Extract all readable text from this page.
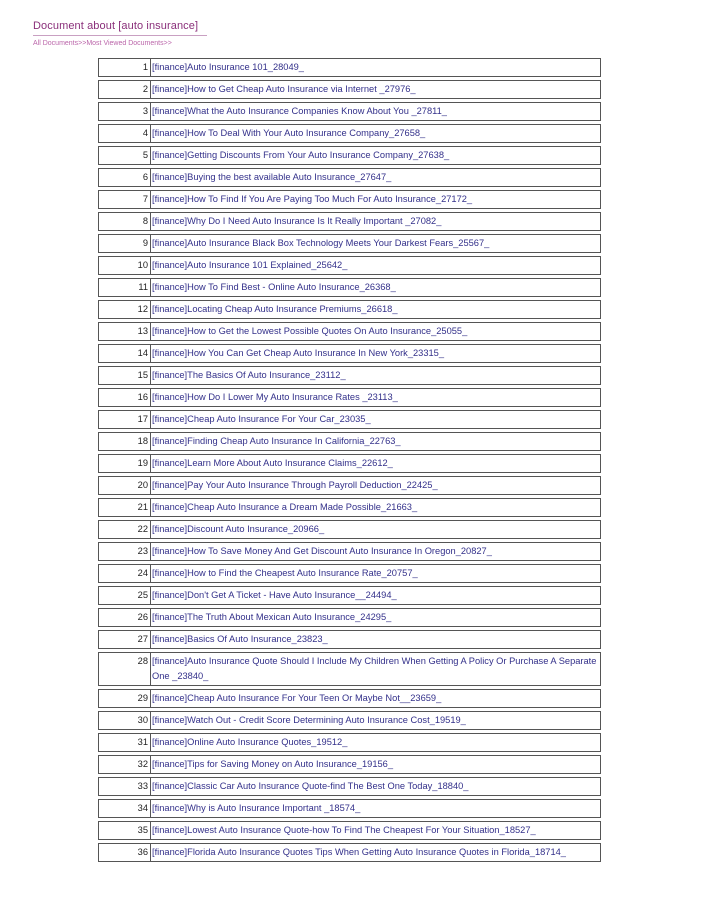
Document about [auto insurance]
All Documents>>Most Viewed Documents>>
1	[finance]Auto Insurance 101_28049_

2	[finance]How to Get Cheap Auto Insurance via Internet _27976_

3	[finance]What the Auto Insurance Companies Know About You _27811_

4	[finance]How To Deal With Your Auto Insurance Company_27658_

5	[finance]Getting Discounts From Your Auto Insurance Company_27638_

6	[finance]Buying the best available Auto Insurance_27647_

7	[finance]How To Find If You Are Paying Too Much For Auto Insurance_27172_

8	[finance]Why Do I Need Auto Insurance Is It Really Important _27082_

9	[finance]Auto Insurance Black Box Technology Meets Your Darkest Fears_25567_

10	[finance]Auto Insurance 101 Explained_25642_

11	[finance]How To Find Best - Online Auto Insurance_26368_

12	[finance]Locating Cheap Auto Insurance Premiums_26618_

13	[finance]How to Get the Lowest Possible Quotes On Auto Insurance_25055_

14	[finance]How You Can Get Cheap Auto Insurance In New York_23315_

15	[finance]The Basics Of Auto Insurance_23112_

16	[finance]How Do I Lower My Auto Insurance Rates _23113_

17	[finance]Cheap Auto Insurance For Your Car_23035_

18	[finance]Finding Cheap Auto Insurance In California_22763_

19	[finance]Learn More About Auto Insurance Claims_22612_

20	[finance]Pay Your Auto Insurance Through Payroll Deduction_22425_

21	[finance]Cheap Auto Insurance a Dream Made Possible_21663_

22	[finance]Discount Auto Insurance_20966_

23	[finance]How To Save Money And Get Discount Auto Insurance In Oregon_20827_

24	[finance]How to Find the Cheapest Auto Insurance Rate_20757_

25	[finance]Don't Get A Ticket - Have Auto Insurance__24494_

26	[finance]The Truth About Mexican Auto Insurance_24295_

27	[finance]Basics Of Auto Insurance_23823_

28	[finance]Auto Insurance Quote Should I Include My Children When Getting A Policy Or Purchase A Separate One _23840_

29	[finance]Cheap Auto Insurance For Your Teen Or Maybe Not__23659_

30	[finance]Watch Out - Credit Score Determining Auto Insurance Cost_19519_

31	[finance]Online Auto Insurance Quotes_19512_

32	[finance]Tips for Saving Money on Auto Insurance_19156_

33	[finance]Classic Car Auto Insurance Quote-find The Best One Today_18840_

34	[finance]Why is Auto Insurance Important _18574_

35	[finance]Lowest Auto Insurance Quote-how To Find The Cheapest For Your Situation_18527_

36	[finance]Florida Auto Insurance Quotes Tips When Getting Auto Insurance Quotes in Florida_18714_
